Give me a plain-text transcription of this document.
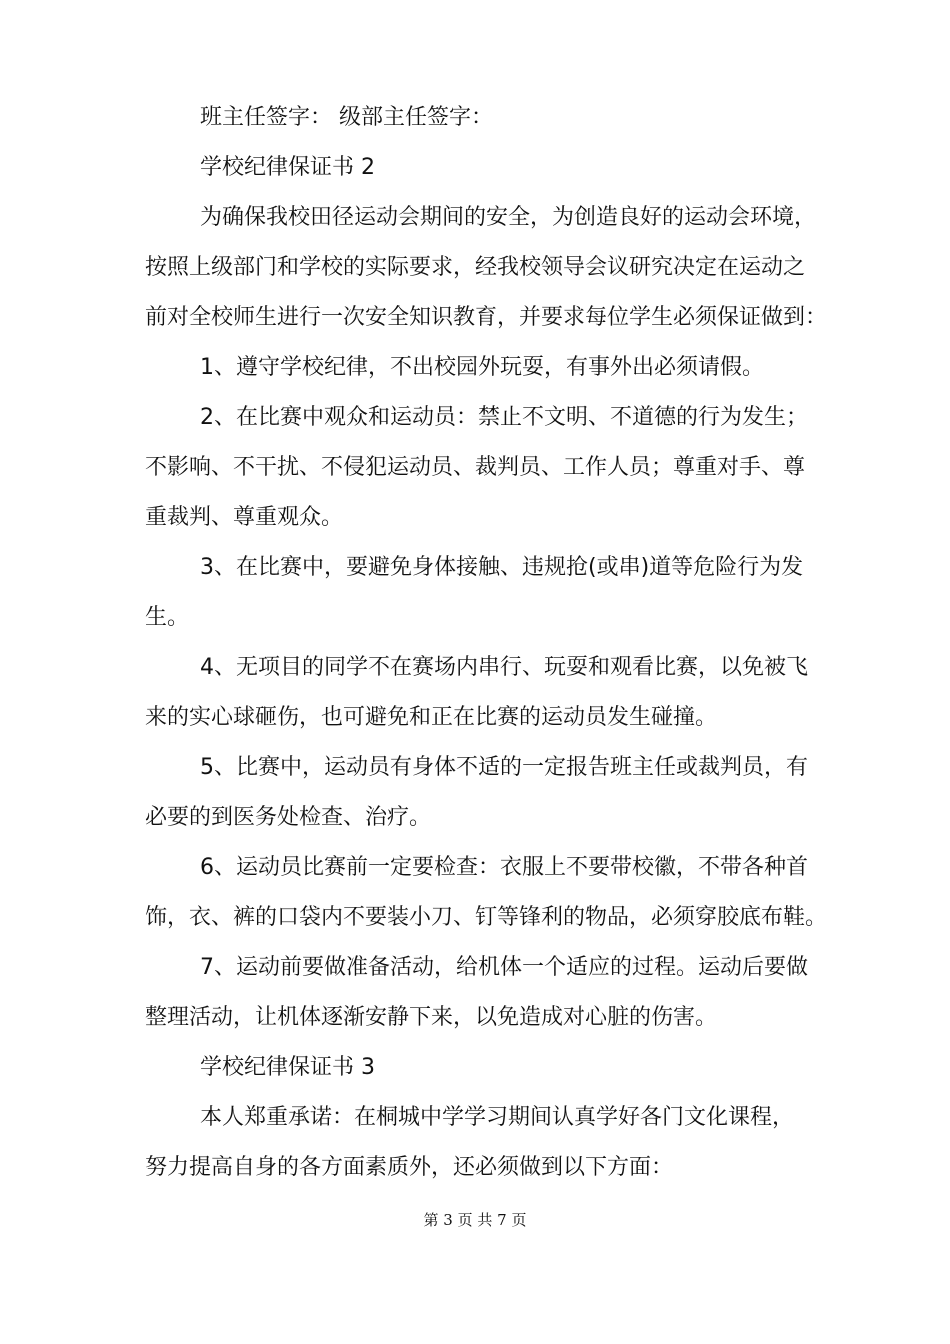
班主任签字： 级部主任签字：
学校纪律保证书 2
为确保我校田径运动会期间的安全，为创造良好的运动会环境，
按照上级部门和学校的实际要求，经我校领导会议研究决定在运动之
前对全校师生进行一次安全知识教育，并要求每位学生必须保证做到：
1、遵守学校纪律，不出校园外玩耍，有事外出必须请假。
2、在比赛中观众和运动员：禁止不文明、不道德的行为发生；
不影响、不干扰、不侵犯运动员、裁判员、工作人员；尊重对手、尊
重裁判、尊重观众。
3、在比赛中，要避免身体接触、违规抢(或串)道等危险行为发
生。
4、无项目的同学不在赛场内串行、玩耍和观看比赛，以免被飞
来的实心球砸伤，也可避免和正在比赛的运动员发生碰撞。
5、比赛中，运动员有身体不适的一定报告班主任或裁判员，有
必要的到医务处检查、治疗。
6、运动员比赛前一定要检查：衣服上不要带校徽，不带各种首
饰，衣、裤的口袋内不要装小刀、钉等锋利的物品，必须穿胶底布鞋。
7、运动前要做准备活动，给机体一个适应的过程。运动后要做
整理活动，让机体逐渐安静下来，以免造成对心脏的伤害。
学校纪律保证书 3
本人郑重承诺：在桐城中学学习期间认真学好各门文化课程，
努力提高自身的各方面素质外，还必须做到以下方面：
第 3 页 共 7 页
